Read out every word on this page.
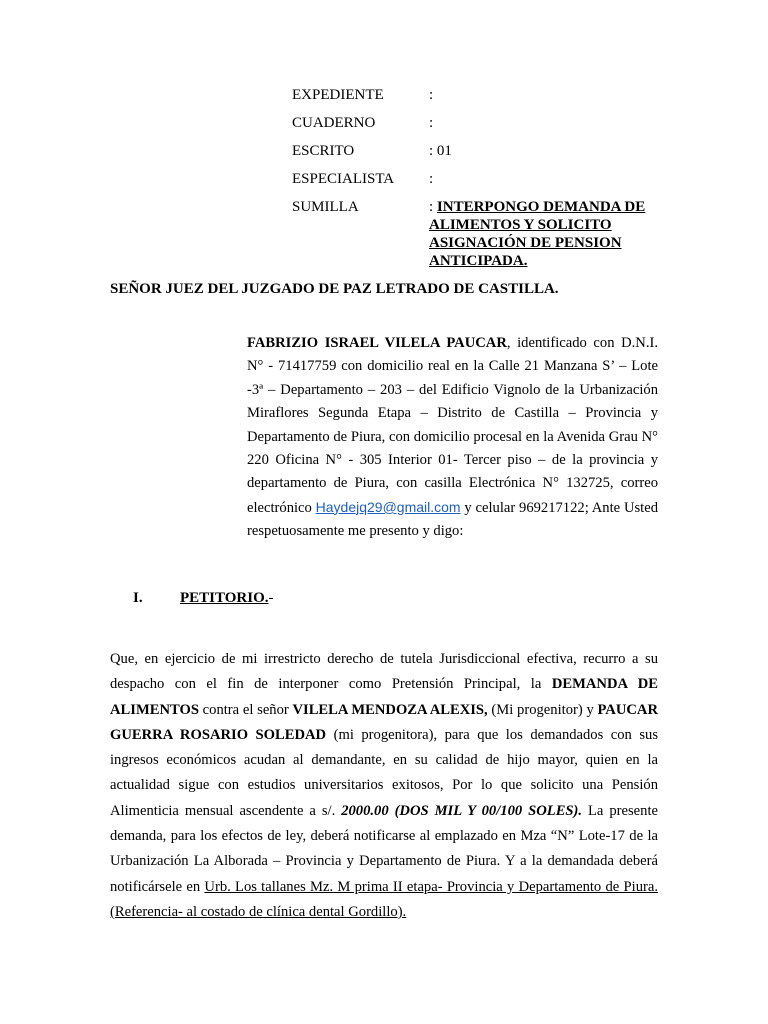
EXPEDIENTE	:
CUADERNO	:
ESCRITO	: 01
ESPECIALISTA :
SUMILLA	: INTERPONGO DEMANDA DE ALIMENTOS Y SOLICITO ASIGNACIÓN DE PENSION ANTICIPADA.
SEÑOR JUEZ DEL JUZGADO DE PAZ LETRADO DE CASTILLA.
FABRIZIO ISRAEL VILELA PAUCAR, identificado con D.N.I. N° - 71417759 con domicilio real en la Calle 21 Manzana S’ – Lote -3ª – Departamento – 203 – del Edificio Vignolo de la Urbanización Miraflores Segunda Etapa – Distrito de Castilla – Provincia y Departamento de Piura, con domicilio procesal en la Avenida Grau N° 220 Oficina N° - 305 Interior 01- Tercer piso – de la provincia y departamento de Piura, con casilla Electrónica N° 132725, correo electrónico Haydejq29@gmail.com y celular 969217122; Ante Usted respetuosamente me presento y digo:
I. PETITORIO.-
Que, en ejercicio de mi irrestricto derecho de tutela Jurisdiccional efectiva, recurro a su despacho con el fin de interponer como Pretensión Principal, la DEMANDA DE ALIMENTOS contra el señor VILELA MENDOZA ALEXIS, (Mi progenitor) y PAUCAR GUERRA ROSARIO SOLEDAD (mi progenitora), para que los demandados con sus ingresos económicos acudan al demandante, en su calidad de hijo mayor, quien en la actualidad sigue con estudios universitarios exitosos, Por lo que solicito una Pensión Alimenticia mensual ascendente a s/. 2000.00 (DOS MIL Y 00/100 SOLES). La presente demanda, para los efectos de ley, deberá notificarse al emplazado en Mza “N” Lote-17 de la Urbanización La Alborada – Provincia y Departamento de Piura. Y a la demandada deberá notificársele en Urb. Los tallanes Mz. M prima II etapa- Provincia y Departamento de Piura. (Referencia- al costado de clínica dental Gordillo).
